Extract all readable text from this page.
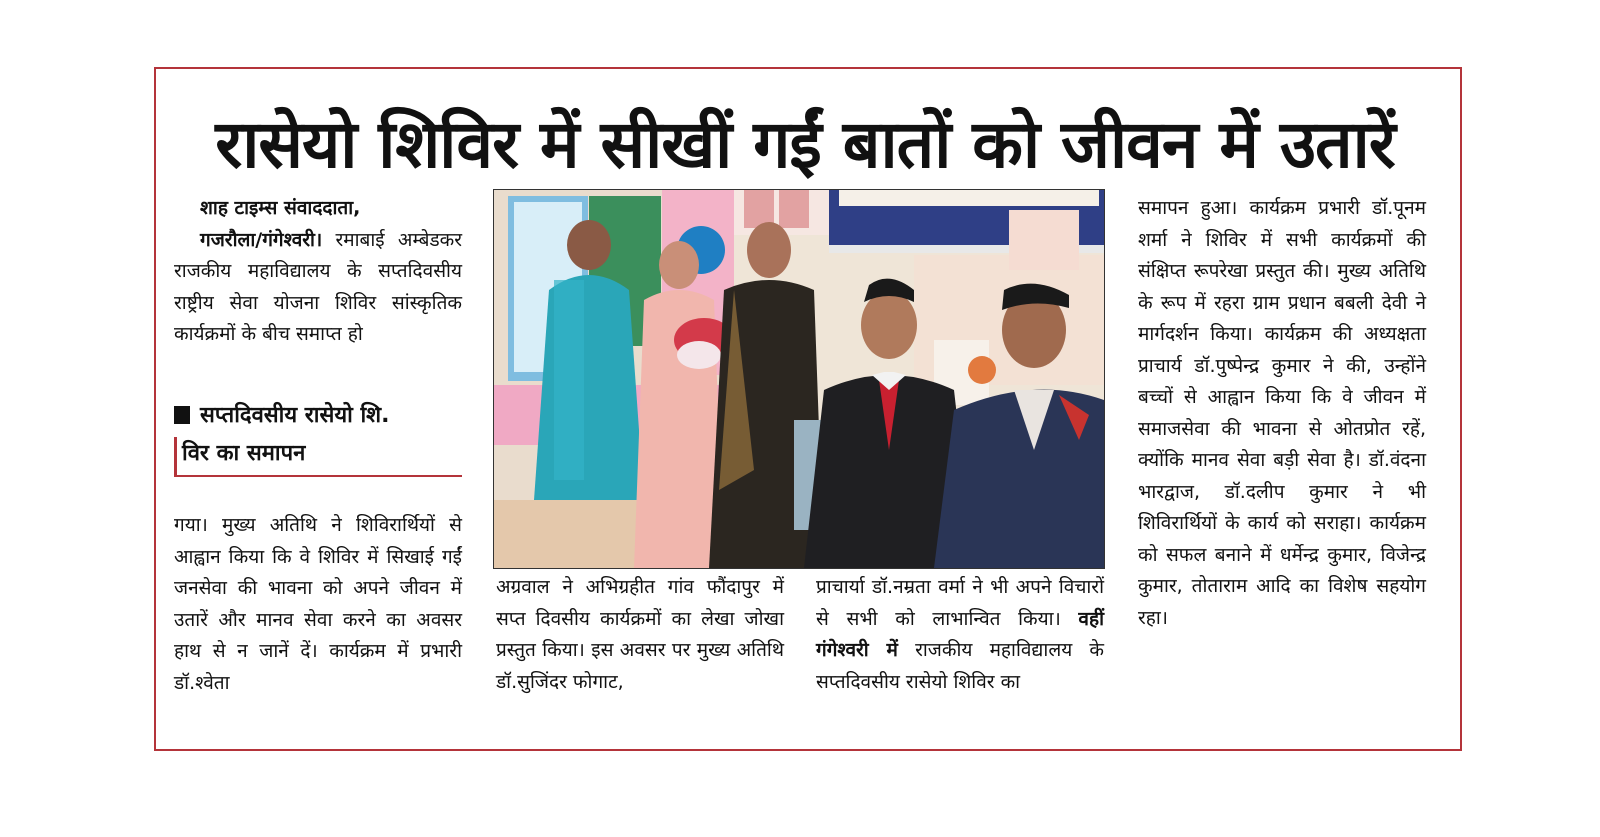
रासेयो शिविर में सीखीं गईं बातों को जीवन में उतारें

शाह टाइम्स संवाददाता,
गजरौला/गंगेश्वरी। रमाबाई अम्बेडकर राजकीय महाविद्यालय के सप्तदिवसीय राष्ट्रीय सेवा योजना शिविर सांस्कृतिक कार्यक्रमों के बीच समाप्त हो

सप्तदिवसीय रासेयो शि.
विर का समापन

गया। मुख्य अतिथि ने शिविरार्थियों से आह्वान किया कि वे शिविर में सिखाई गईं जनसेवा की भावना को अपने जीवन में उतारें और मानव सेवा करने का अवसर हाथ से न जानें दें। कार्यक्रम में प्रभारी डॉ.श्वेता

अग्रवाल ने अभिग्रहीत गांव फौंदापुर में सप्त दिवसीय कार्यक्रमों का लेखा जोखा प्रस्तुत किया। इस अवसर पर मुख्य अतिथि डॉ.सुजिंदर फोगाट,

प्राचार्या डॉ.नम्रता वर्मा ने भी अपने विचारों से सभी को लाभान्वित किया। वहीं गंगेश्वरी में राजकीय महाविद्यालय के सप्तदिवसीय रासेयो शिविर का

समापन हुआ। कार्यक्रम प्रभारी डॉ.पूनम शर्मा ने शिविर में सभी कार्यक्रमों की संक्षिप्त रूपरेखा प्रस्तुत की। मुख्य अतिथि के रूप में रहरा ग्राम प्रधान बबली देवी ने मार्गदर्शन किया। कार्यक्रम की अध्यक्षता प्राचार्य डॉ.पुष्पेन्द्र कुमार ने की, उन्होंने बच्चों से आह्वान किया कि वे जीवन में समाजसेवा की भावना से ओतप्रोत रहें, क्योंकि मानव सेवा बड़ी सेवा है। डॉ.वंदना भारद्वाज, डॉ.दलीप कुमार ने भी शिविरार्थियों के कार्य को सराहा। कार्यक्रम को सफल बनाने में धर्मेन्द्र कुमार, विजेन्द्र कुमार, तोताराम आदि का विशेष सहयोग रहा।
